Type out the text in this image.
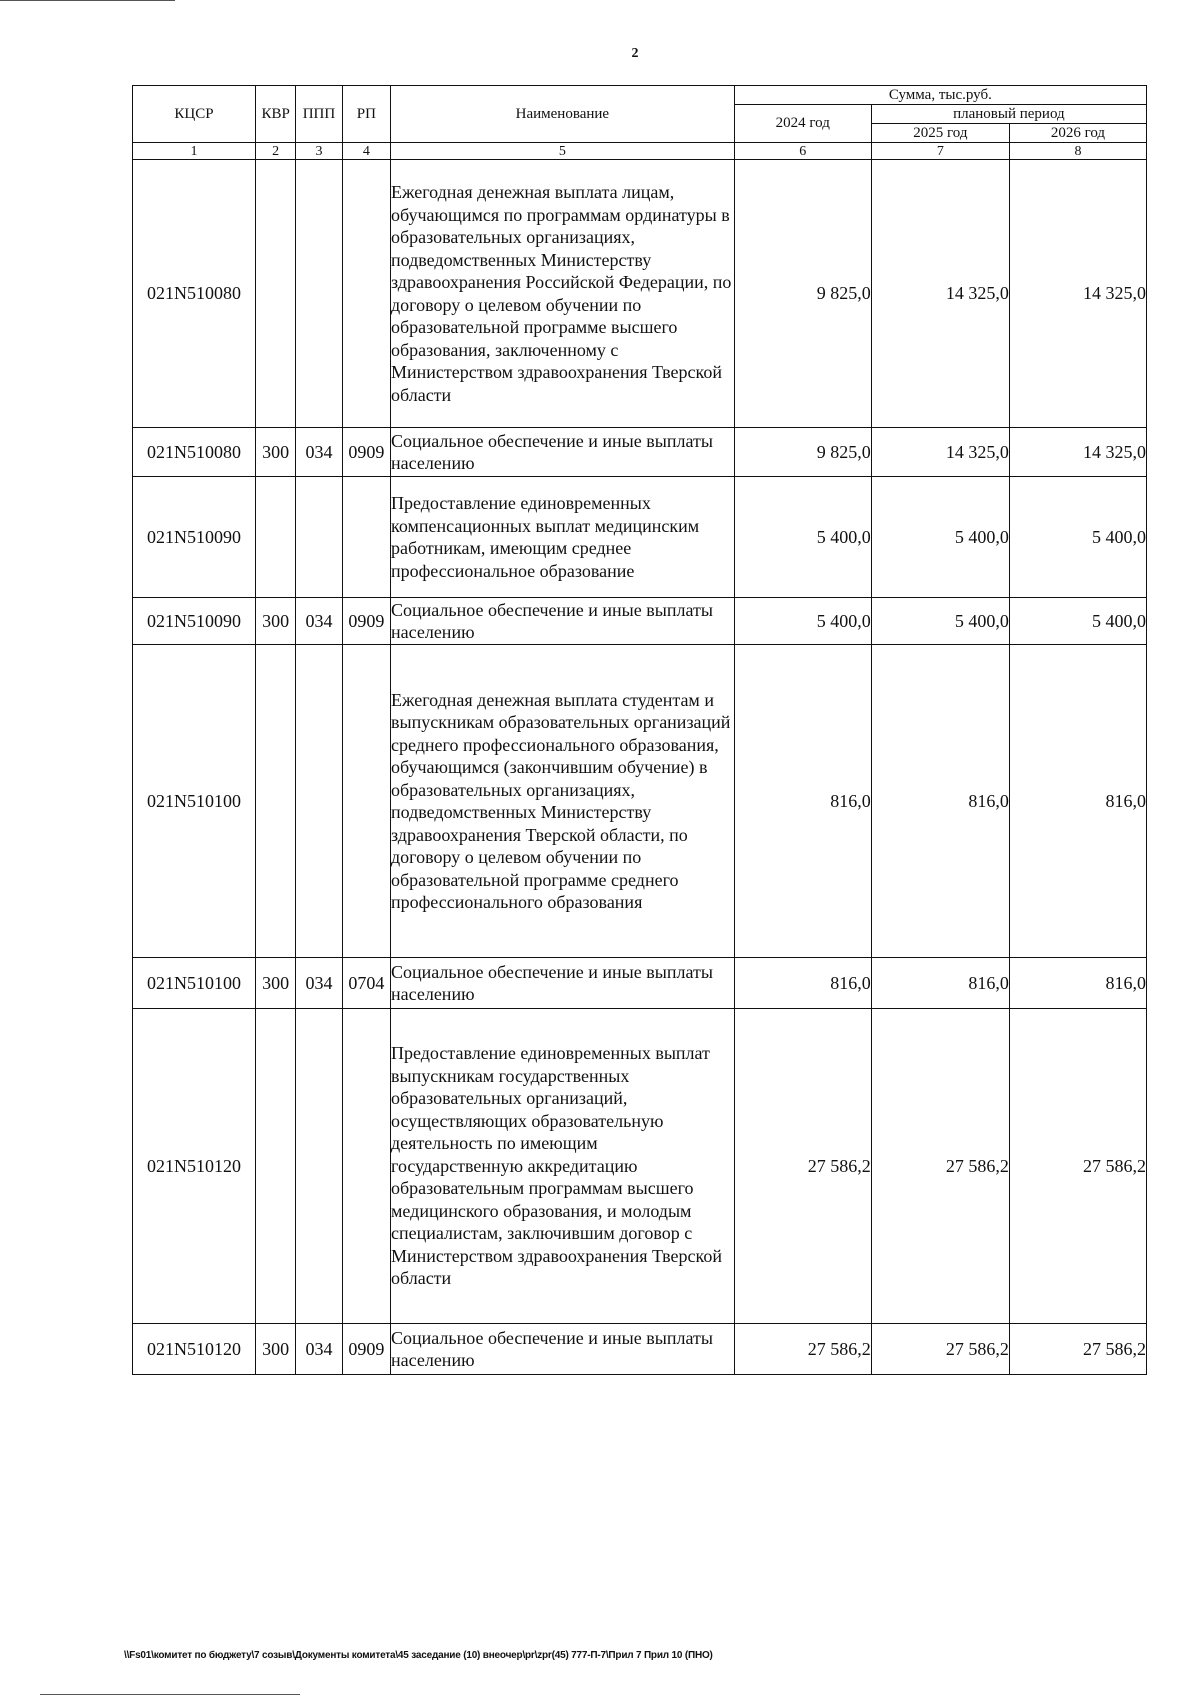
2
КЦСР	КВР	ППП	РП	Наименование	Сумма, тыс.руб.		
					2024 год	плановый период	
						2025 год	2026 год
1	2	3	4	5	6	7	8
021N510080				Ежегодная денежная выплата лицам, обучающимся по программам ординатуры в образовательных организациях, подведомственных Министерству здравоохранения Российской Федерации, по договору о целевом обучении по образовательной программе высшего образования, заключенному с Министерством здравоохранения Тверской области	9 825,0	14 325,0	14 325,0
021N510080	300	034	0909	Социальное обеспечение и иные выплаты населению	9 825,0	14 325,0	14 325,0
021N510090				Предоставление единовременных компенсационных выплат медицинским работникам, имеющим среднее профессиональное образование	5 400,0	5 400,0	5 400,0
021N510090	300	034	0909	Социальное обеспечение и иные выплаты населению	5 400,0	5 400,0	5 400,0
021N510100				Ежегодная денежная выплата студентам и выпускникам образовательных организаций среднего профессионального образования, обучающимся (закончившим обучение) в образовательных организациях, подведомственных Министерству здравоохранения Тверской области, по договору о целевом обучении по образовательной программе среднего профессионального образования	816,0	816,0	816,0
021N510100	300	034	0704	Социальное обеспечение и иные выплаты населению	816,0	816,0	816,0
021N510120				Предоставление единовременных выплат выпускникам государственных образовательных организаций, осуществляющих образовательную деятельность по имеющим государственную аккредитацию образовательным программам высшего медицинского образования, и молодым специалистам, заключившим договор с Министерством здравоохранения Тверской области	27 586,2	27 586,2	27 586,2
021N510120	300	034	0909	Социальное обеспечение и иные выплаты населению	27 586,2	27 586,2	27 586,2
\\Fs01\комитет по бюджету\7 созыв\Документы комитета\45 заседание (10) внеочер\pr\zpr(45) 777-П-7\Прил 7 Прил 10 (ПНО)
